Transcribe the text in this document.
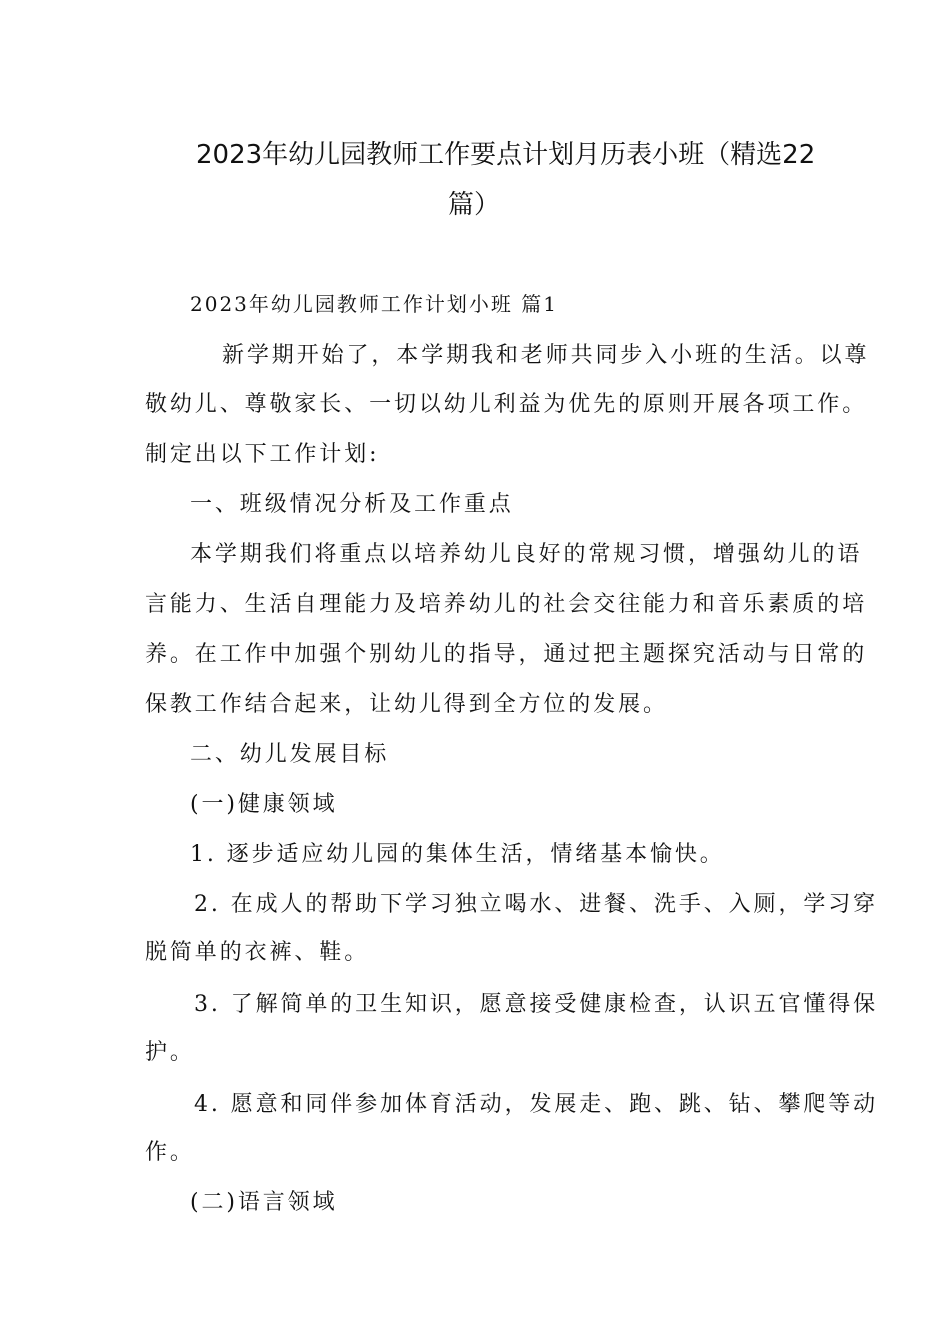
2023年幼儿园教师工作要点计划月历表小班（精选22
篇）
2023年幼儿园教师工作计划小班 篇1
新学期开始了，本学期我和老师共同步入小班的生活。以尊
敬幼儿、尊敬家长、一切以幼儿利益为优先的原则开展各项工作。
制定出以下工作计划:
一、班级情况分析及工作重点
本学期我们将重点以培养幼儿良好的常规习惯，增强幼儿的语
言能力、生活自理能力及培养幼儿的社会交往能力和音乐素质的培
养。在工作中加强个别幼儿的指导，通过把主题探究活动与日常的
保教工作结合起来，让幼儿得到全方位的发展。
二、幼儿发展目标
(一)健康领域
1. 逐步适应幼儿园的集体生活，情绪基本愉快。
2. 在成人的帮助下学习独立喝水、进餐、洗手、入厕，学习穿
脱简单的衣裤、鞋。
3. 了解简单的卫生知识，愿意接受健康检查，认识五官懂得保
护。
4. 愿意和同伴参加体育活动，发展走、跑、跳、钻、攀爬等动
作。
(二)语言领域
